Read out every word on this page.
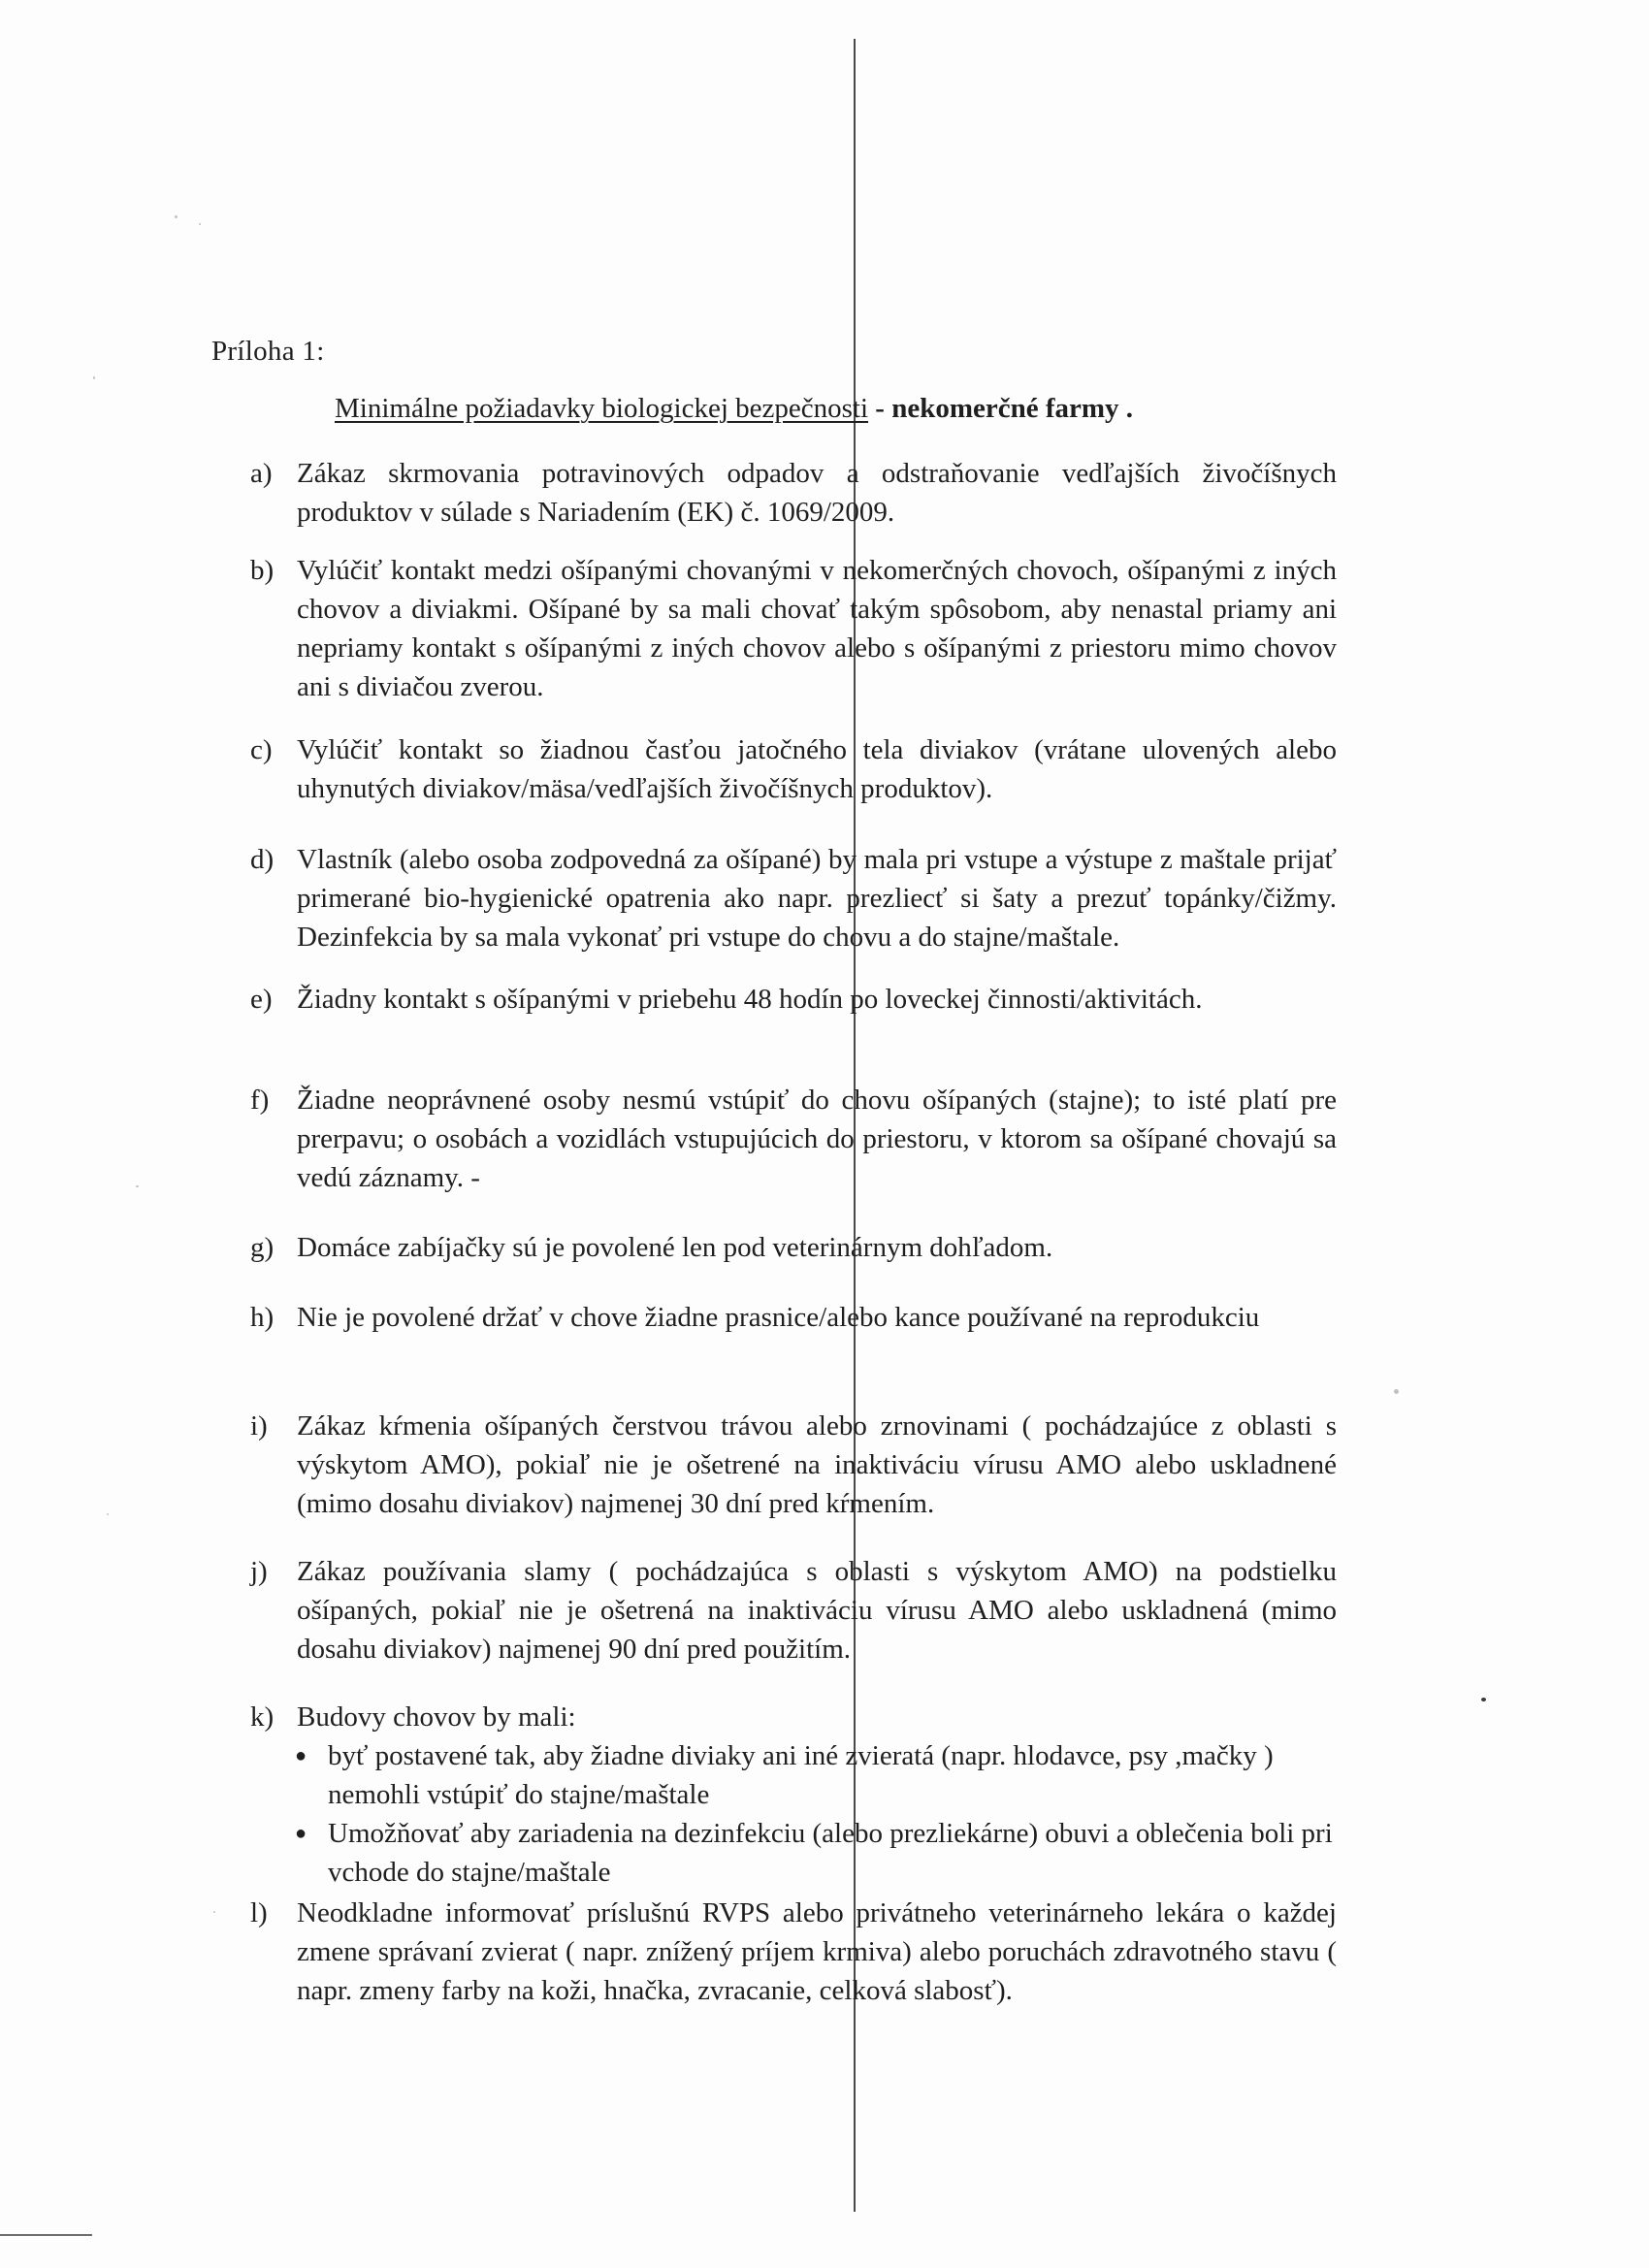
Príloha 1:
Minimálne požiadavky biologickej bezpečnosti - nekomerčné farmy .
a) Zákaz skrmovania potravinových odpadov a odstraňovanie vedľajších živočíšnych produktov v súlade s Nariadením (EK) č. 1069/2009.
b) Vylúčiť kontakt medzi ošípanými chovanými v nekomerčných chovoch, ošípanými z iných chovov a diviakmi. Ošípané by sa mali chovať takým spôsobom, aby nenastal priamy ani nepriamy kontakt s ošípanými z iných chovov alebo s ošípanými z priestoru mimo chovov ani s diviačou zverou.
c) Vylúčiť kontakt so žiadnou časťou jatočného tela diviakov (vrátane ulovených alebo uhynutých diviakov/mäsa/vedľajších živočíšnych produktov).
d) Vlastník (alebo osoba zodpovedná za ošípané) by mala pri vstupe a výstupe z maštale prijať primerané bio-hygienické opatrenia ako napr. prezliecť si šaty a prezuť topánky/čižmy. Dezinfekcia by sa mala vykonať pri vstupe do chovu a do stajne/maštale.
e) Žiadny kontakt s ošípanými v priebehu 48 hodín po loveckej činnosti/aktivitách.
f) Žiadne neoprávnené osoby nesmú vstúpiť do chovu ošípaných (stajne); to isté platí pre prerpavu; o osobách a vozidlách vstupujúcich do priestoru, v ktorom sa ošípané chovajú sa vedú záznamy. -
g) Domáce zabíjačky sú je povolené len pod veterinárnym dohľadom.
h) Nie je povolené držať v chove žiadne prasnice/alebo kance používané na reprodukciu
i)	Zákaz kŕmenia ošípaných čerstvou trávou alebo zrnovinami ( pochádzajúce z oblasti s výskytom AMO), pokiaľ nie je ošetrené na inaktiváciu vírusu AMO alebo uskladnené (mimo dosahu diviakov) najmenej 30 dní pred kŕmením.
j)	Zákaz používania slamy ( pochádzajúca s oblasti s výskytom AMO) na podstielku ošípaných, pokiaľ nie je ošetrená na inaktiváciu vírusu AMO alebo uskladnená (mimo dosahu diviakov) najmenej 90 dní pred použitím.
k) Budovy chovov by mali:
● byť postavené tak, aby žiadne diviaky ani iné zvieratá (napr. hlodavce, psy ,mačky ) nemohli vstúpiť do stajne/maštale
● Umožňovať aby zariadenia na dezinfekciu (alebo prezliekárne) obuvi a oblečenia boli pri vchode do stajne/maštale
l)	Neodkladne informovať príslušnú RVPS alebo privátneho veterinárneho lekára o každej zmene správaní zvierat ( napr. znížený príjem krmiva) alebo poruchách zdravotného stavu ( napr. zmeny farby na koži, hnačka, zvracanie, celková slabosť).
